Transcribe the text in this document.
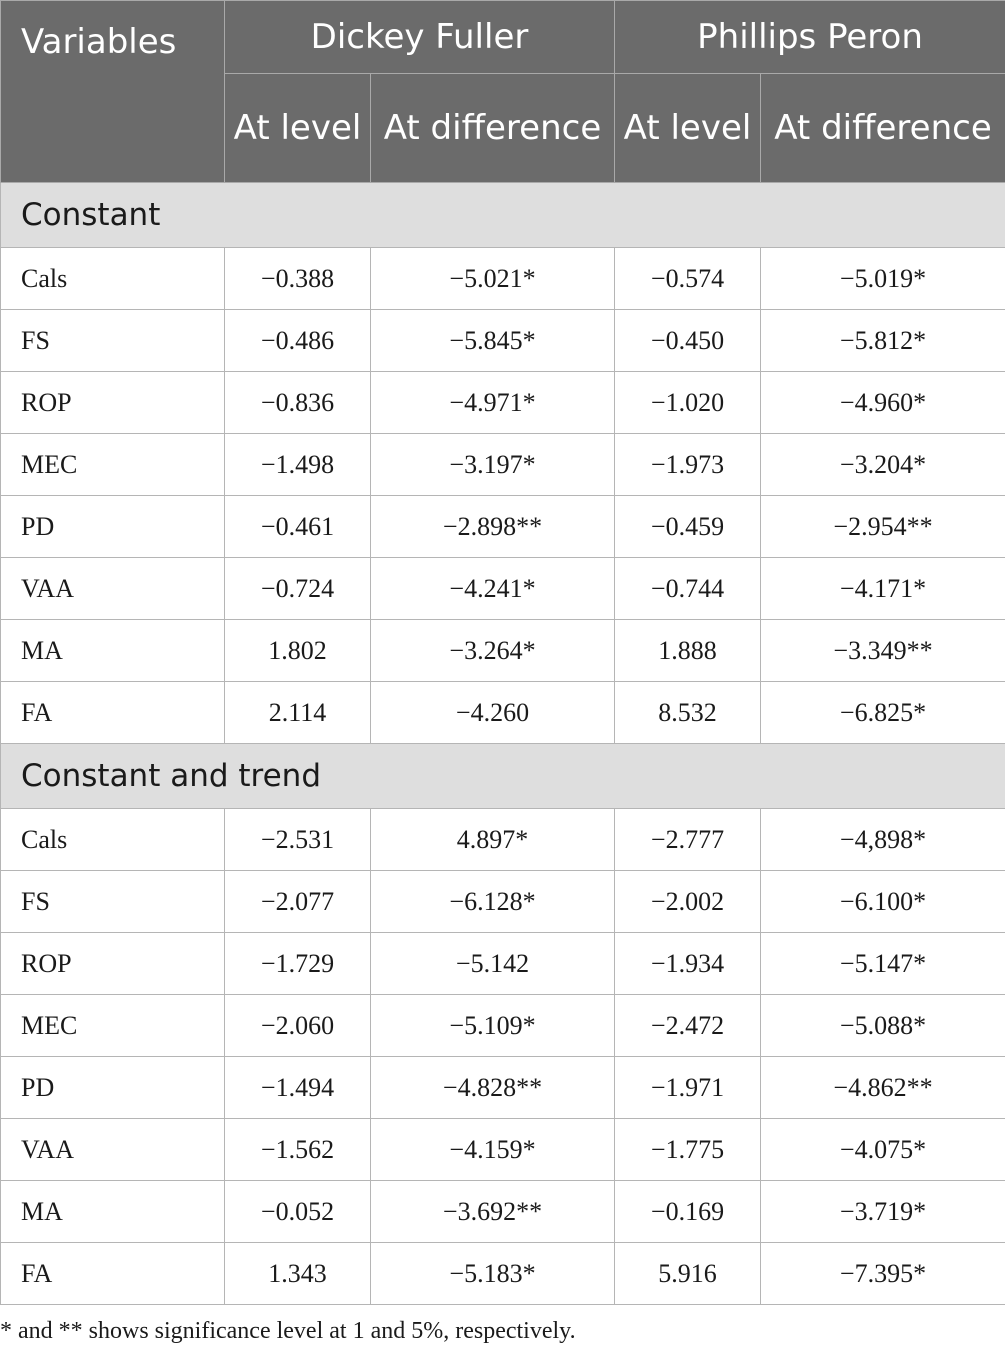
Variables	Dickey Fuller		Phillips Peron	
	At level	At difference	At level	At difference
Constant				
Cals	−0.388	−5.021*	−0.574	−5.019*
FS	−0.486	−5.845*	−0.450	−5.812*
ROP	−0.836	−4.971*	−1.020	−4.960*
MEC	−1.498	−3.197*	−1.973	−3.204*
PD	−0.461	−2.898**	−0.459	−2.954**
VAA	−0.724	−4.241*	−0.744	−4.171*
MA	1.802	−3.264*	1.888	−3.349**
FA	2.114	−4.260	8.532	−6.825*
Constant and trend				
Cals	−2.531	4.897*	−2.777	−4,898*
FS	−2.077	−6.128*	−2.002	−6.100*
ROP	−1.729	−5.142	−1.934	−5.147*
MEC	−2.060	−5.109*	−2.472	−5.088*
PD	−1.494	−4.828**	−1.971	−4.862**
VAA	−1.562	−4.159*	−1.775	−4.075*
MA	−0.052	−3.692**	−0.169	−3.719*
FA	1.343	−5.183*	5.916	−7.395*
* and ** shows significance level at 1 and 5%, respectively.
